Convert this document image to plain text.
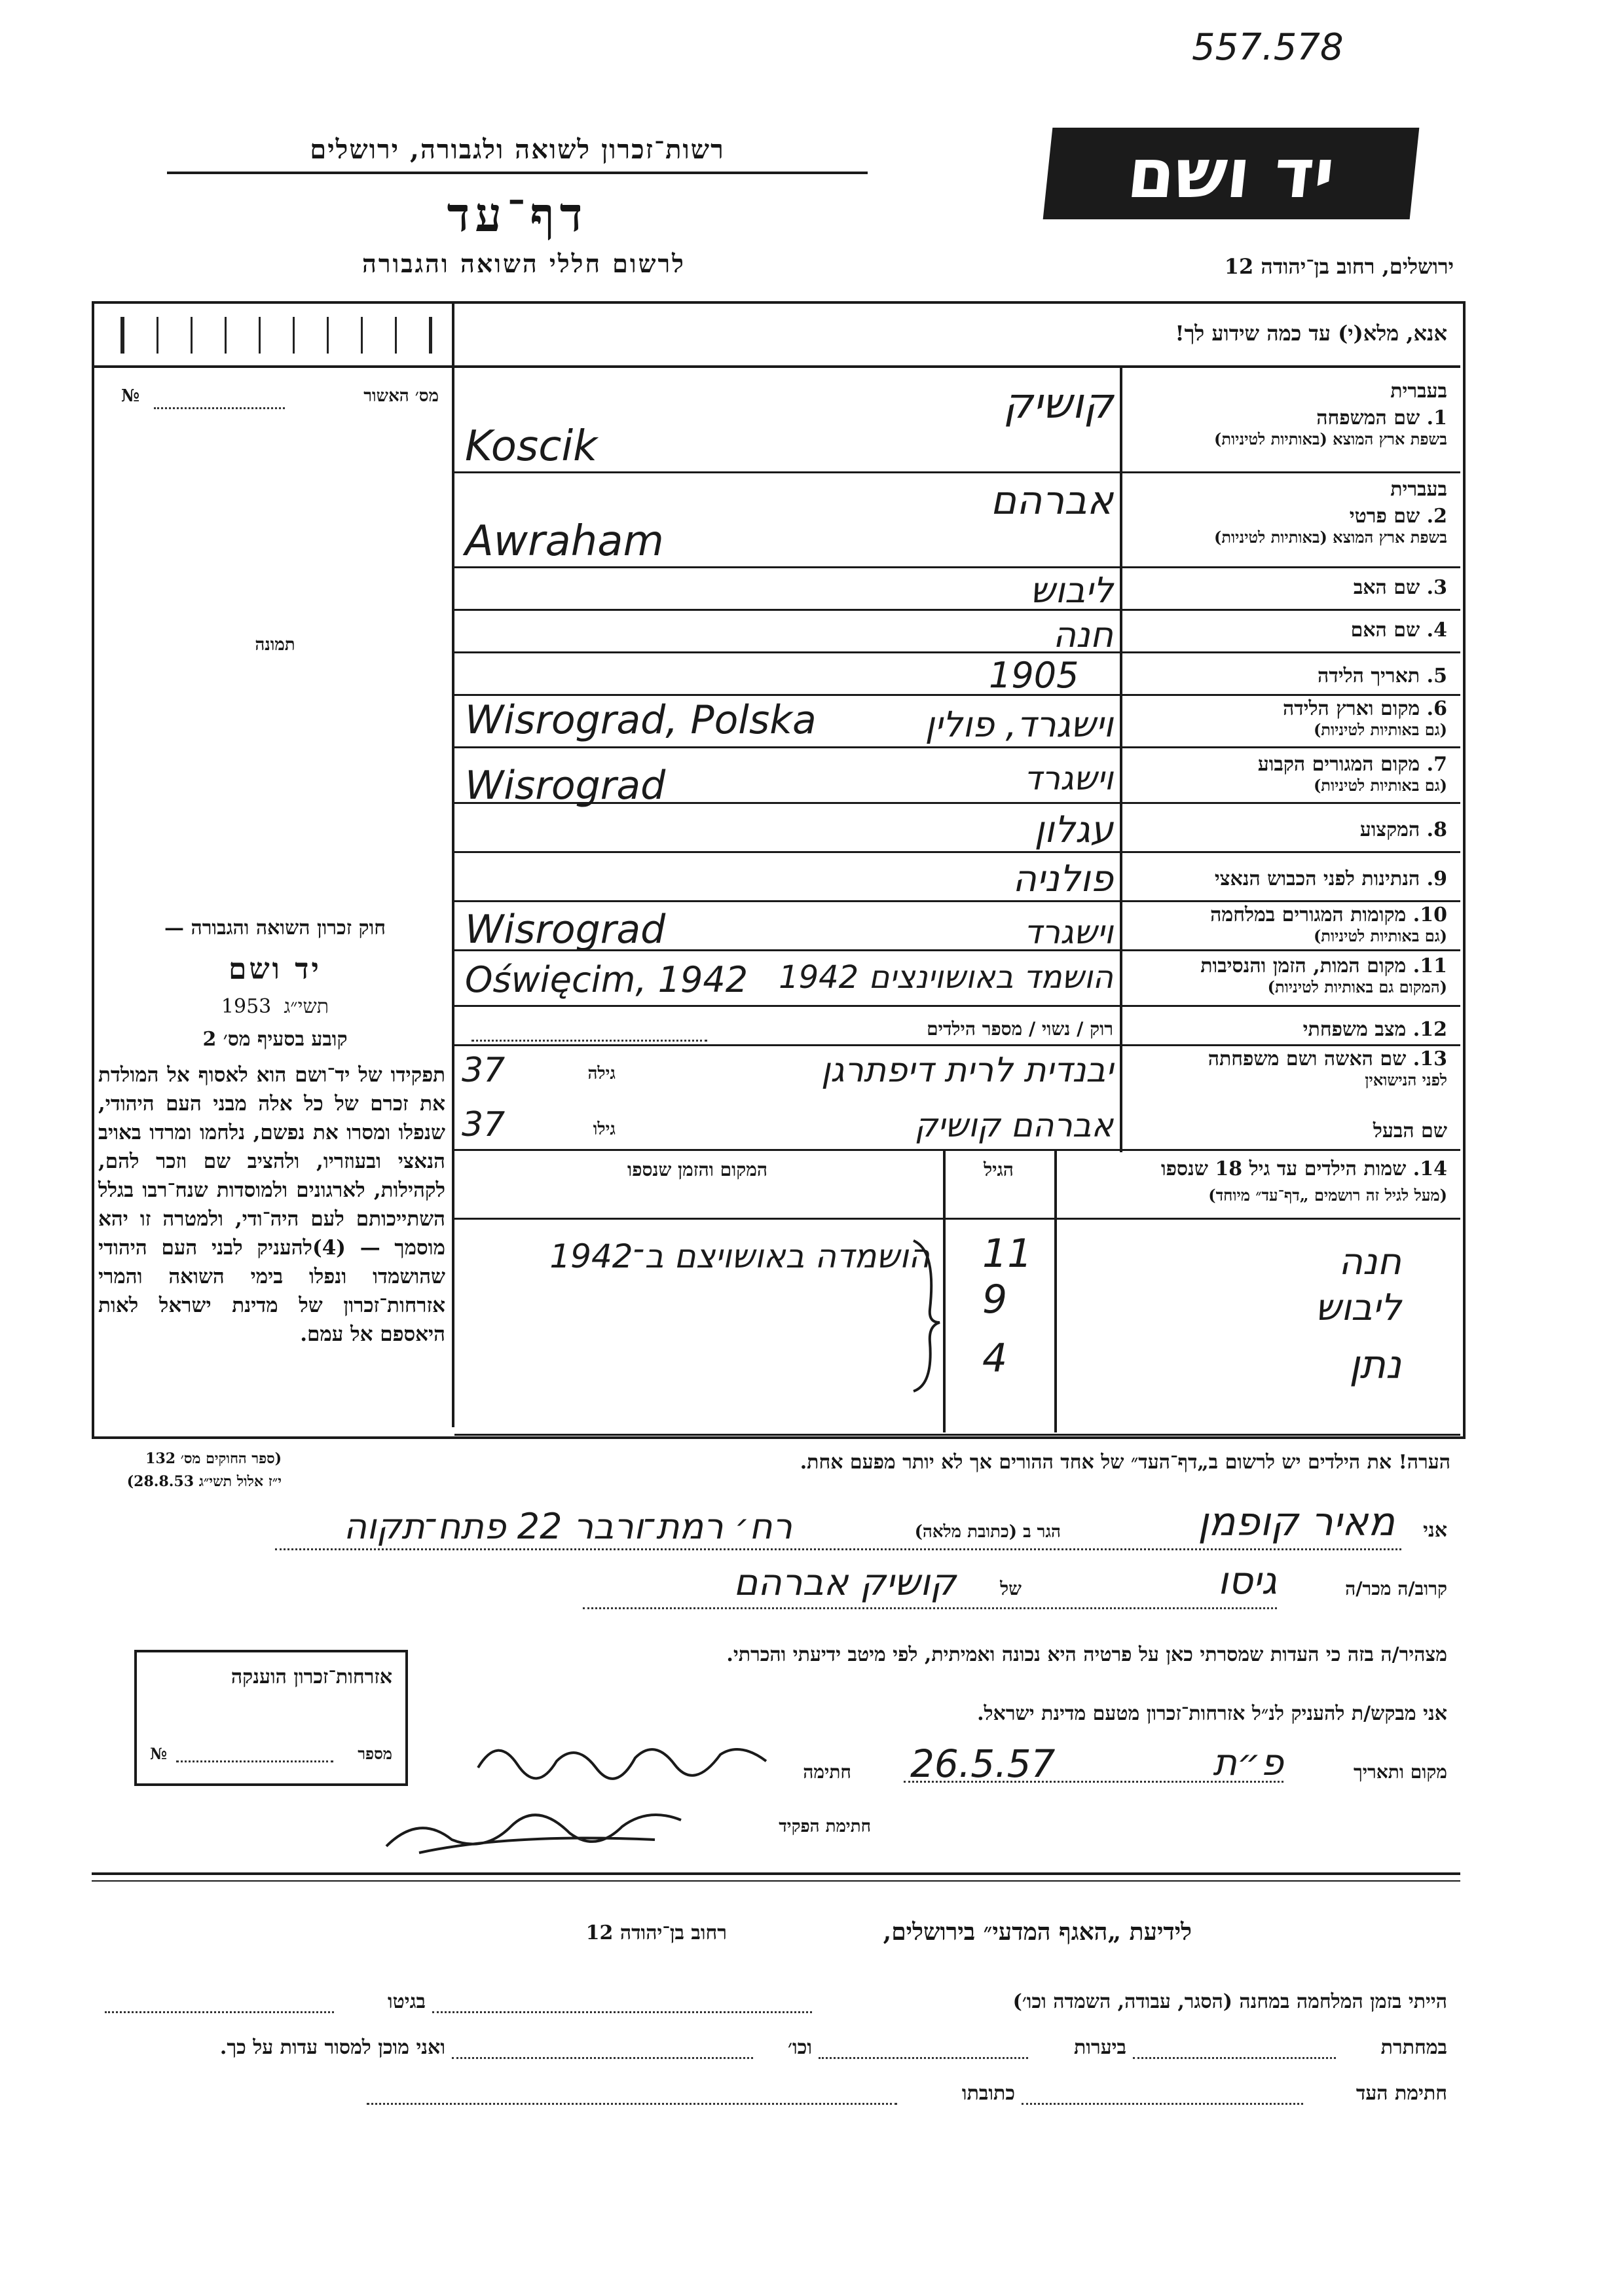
557.578
רשות־זכרון לשואה ולגבורה, ירושלים
דף־עד
לרשום חללי השואה והגבורה
יד ושם
ירושלים, רחוב בן־יהודה 12
אנא, מלא(י) עד כמה שידוע לך!
מס׳ האשור
№
תמונה
חוק זכרון השואה והגבורה —
יד ושם
תשי״ג  1953
קובע בסעיף מס׳ 2
תפקידו של יד־ושם הוא לאסוף אל המולדת את זכרם של כל אלה מבני העם היהודי, שנפלו ומסרו את נפשם, נלחמו ומרדו באויב הנאצי ובעוזריו, ולהציב שם וזכר להם, לקהילות, לארגונים ולמוסדות שנח־רבו בגלל השתייכותם לעם היה־ודי, ולמטרה זו יהא מוסמך — (4)להעניק לבני העם היהודי שהושמדו ונפלו בימי השואה והמרי אזרחות־זכרון של מדינת ישראל לאות היאספם אל עמם.
(ספר החוקים מס׳ 132
י״ז אלול תשי״ג 28.8.53)
אזרחות־זכרון הוענקה
מספר
№
בעברית
1. שם המשפחה
בשפת ארץ המוצא (באותיות לטיניות)
בעברית
2. שם פרטי
בשפת ארץ המוצא (באותיות לטיניות)
3. שם האב
4. שם האם
5. תאריך הלידה
6. מקום וארץ הלידה
(גם באותיות לטיניות)
7. מקום המגורים הקבוע
(גם באותיות לטיניות)
8. המקצוע
9. הנתינות לפני הכבוש הנאצי
10. מקומות המגורים במלחמה
(גם באותיות לטיניות)
11. מקום המות, הזמן והנסיבות
(המקום גם באותיות לטיניות)
12. מצב משפחתי
13. שם האשה ושם משפחתה
לפני הנישואין
שם הבעל
קושיק
Koscik
אברהם
Awraham
ליבוש
חנה
1905
וישגרד, פולין
Wisrograd, Polska
וישגרד
Wisrograd
עגלון
פולניה
וישגרד
Wisrograd
הושמד באושוינצים 1942
Oświęcim, 1942
רוק / נשוי / מספר הילדים
יבנדית לרית דיפתרגן
גילה
37
אברהם קושיק
גילו
37
14. שמות הילדים עד גיל 18 שנספו
(מעל לגיל זה רושמים „דף־עד״ מיוחד)
הגיל
המקום והזמן שנספו
חנה
11
הושמדה באושויצם ב־1942
ליבוש
9
נתן
4
הערה! את הילדים יש לרשום ב„דף־העד״ של אחד ההורים אך לא יותר מפעם אחת.
אני
מאיר קופמן
הגר ב (כתובת מלאה)
רח׳ רמת־ורבר 22 פתח־תקוה
קרוב/ה מכר/ה
גיסו
של
קושיק אברהם
מצהיר/ה בזה כי העדות שמסרתי כאן על פרטיה היא נכונה ואמיתית, לפי מיטב ידיעתי והכרתי.
אני מבקש/ת להעניק לנ״ל אזרחות־זכרון מטעם מדינת ישראל.
מקום ותאריך
פ״ת
26.5.57
חתימה
חתימת הפקיד
לידיעת „האגף המדעי״ בירושלים,
רחוב בן־יהודה 12
הייתי בזמן המלחמה במחנה (הסגר, עבודה, השמדה וכו׳)
בגיטו
במחתרת
ביערות
וכו׳
ואני מוכן למסור עדות על כך.
חתימת העד
כתובתו
